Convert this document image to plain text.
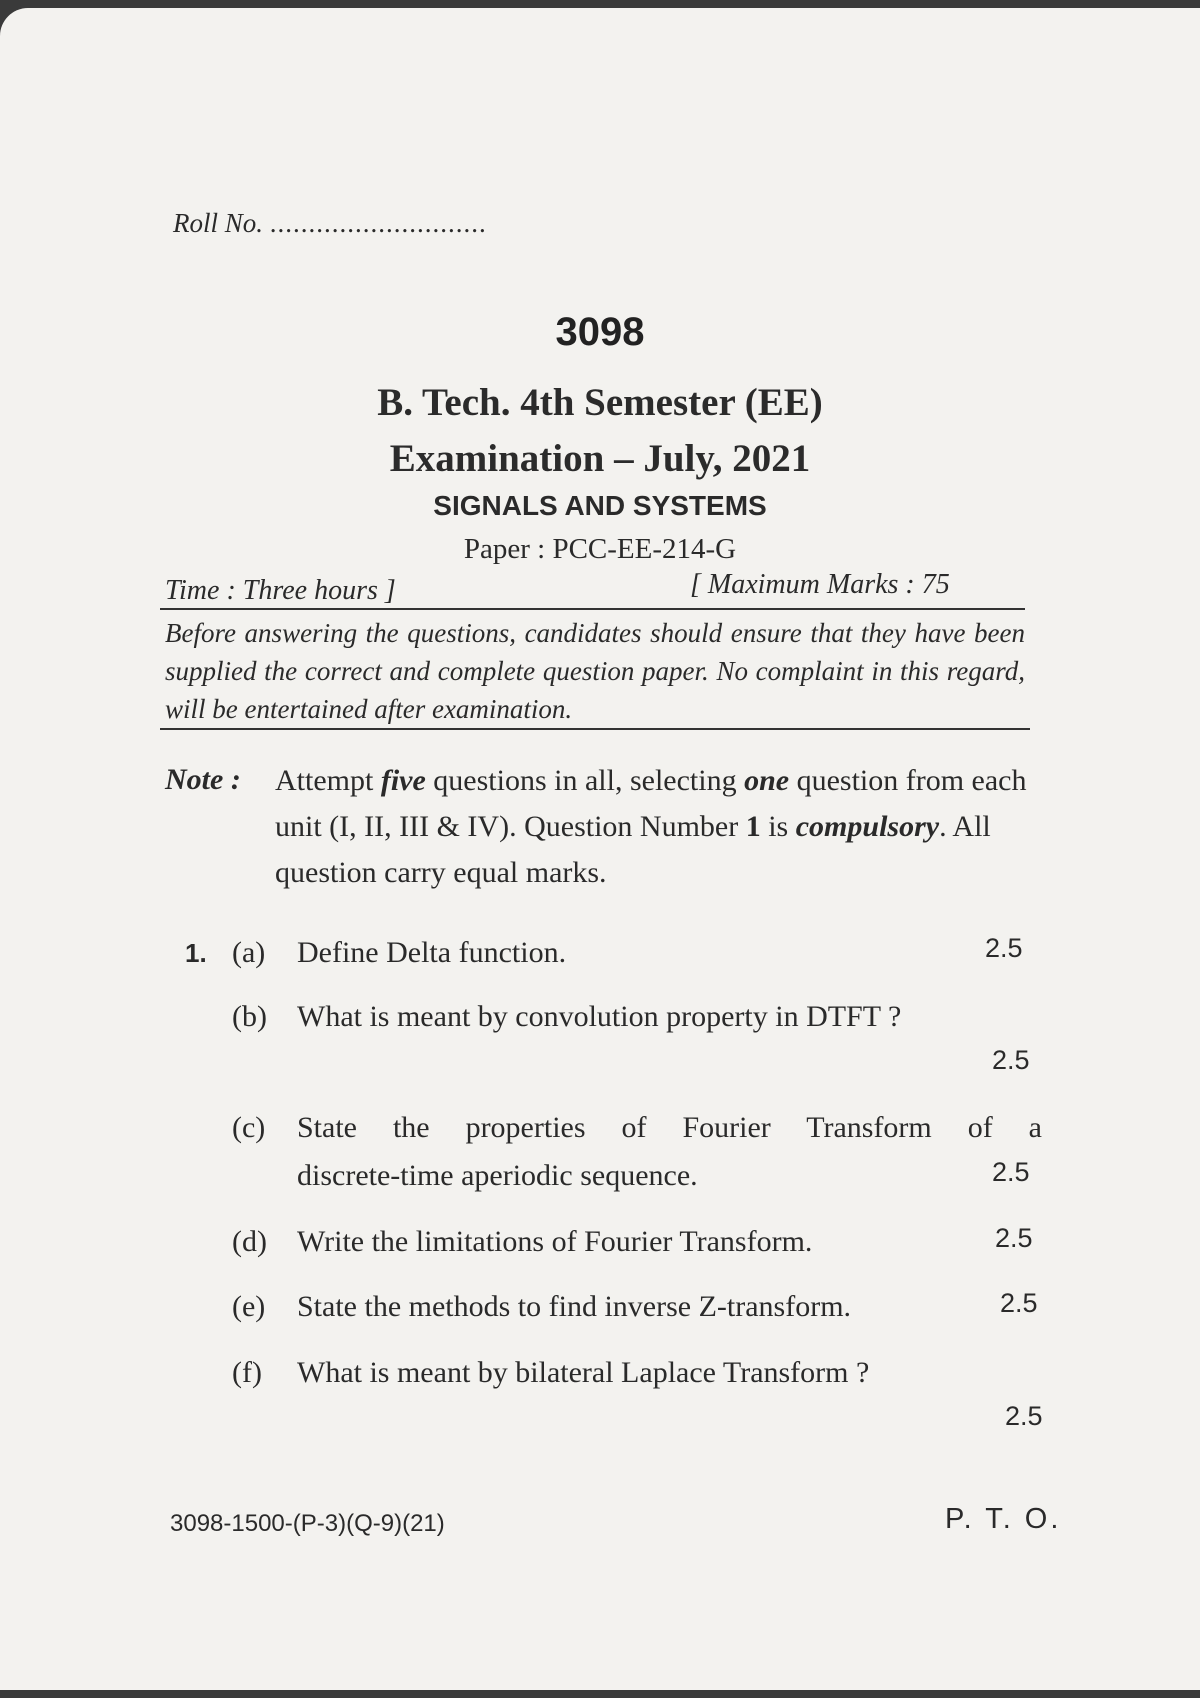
Roll No. ............................
3098
B. Tech. 4th Semester (EE)
Examination – July, 2021
SIGNALS AND SYSTEMS
Paper : PCC-EE-214-G
Time : Three hours ]	[ Maximum Marks : 75
Before answering the questions, candidates should ensure that they have been supplied the correct and complete question paper. No complaint in this regard, will be entertained after examination.
Note : Attempt five questions in all, selecting one question from each unit (I, II, III & IV). Question Number 1 is compulsory. All question carry equal marks.
1. (a) Define Delta function.	2.5
(b) What is meant by convolution property in DTFT ?
2.5
(c) State the properties of Fourier Transform of a
discrete-time aperiodic sequence.	2.5
(d) Write the limitations of Fourier Transform.	2.5
(e) State the methods to find inverse Z-transform.	2.5
(f) What is meant by bilateral Laplace Transform ?
2.5
3098-1500-(P-3)(Q-9)(21)	P. T. O.
